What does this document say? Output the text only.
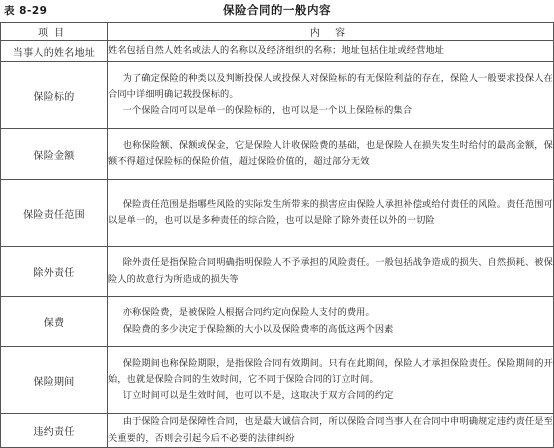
表 8-29	保险合同的一般内容
项目	内 容
当事人的姓名地址	姓名包括自然人姓名或法人的名称以及经济组织的名称；地址包括住址或经营地址

保险标的	为了确定保险的种类以及判断投保人或投保人对保险标的有无保险利益的存在，保险人一般要求投保人在合同中详细明确记载投保标的。

一个保险合同可以是单一的保险标的，也可以是一个以上保险标的集合

保险金额	也称保险额、保额或保金，它是保险人计收保险费的基础，也是保险人在损失发生时给付的最高金额，保额不得超过保险标的保险价值，超过保险价值的，超过部分无效

保险责任范围	保险责任范围是指哪些风险的实际发生所带来的损害应由保险人承担补偿或给付责任的风险。责任范围可以是单一的，也可以是多种责任的综合险，也可以是除了除外责任以外的一切险

除外责任	除外责任是指保险合同明确指明保险人不予承担的风险责任。一般包括战争造成的损失、自然损耗、被保险人的故意行为所造成的损失等

保费	亦称保险费，是被保险人根据合同约定向保险人支付的费用。

保险费的多少决定于保险额的大小以及保险费率的高低这两个因素

保险期间	保险期间也称保险期限，是指保险合同有效期间。只有在此期间，保险人才承担保险责任。保险期间的开始，也就是保险合同的生效时间，它不同于保险合同的订立时间。

订立时间可以是生效时间，也可以不是，这取决于双方合同的约定

违约责任	由于保险合同是保障性合同，也是最大诚信合同，所以保险合同当事人在合同中申明确规定违约责任是至关重要的，否则会引起今后不必要的法律纠纷
